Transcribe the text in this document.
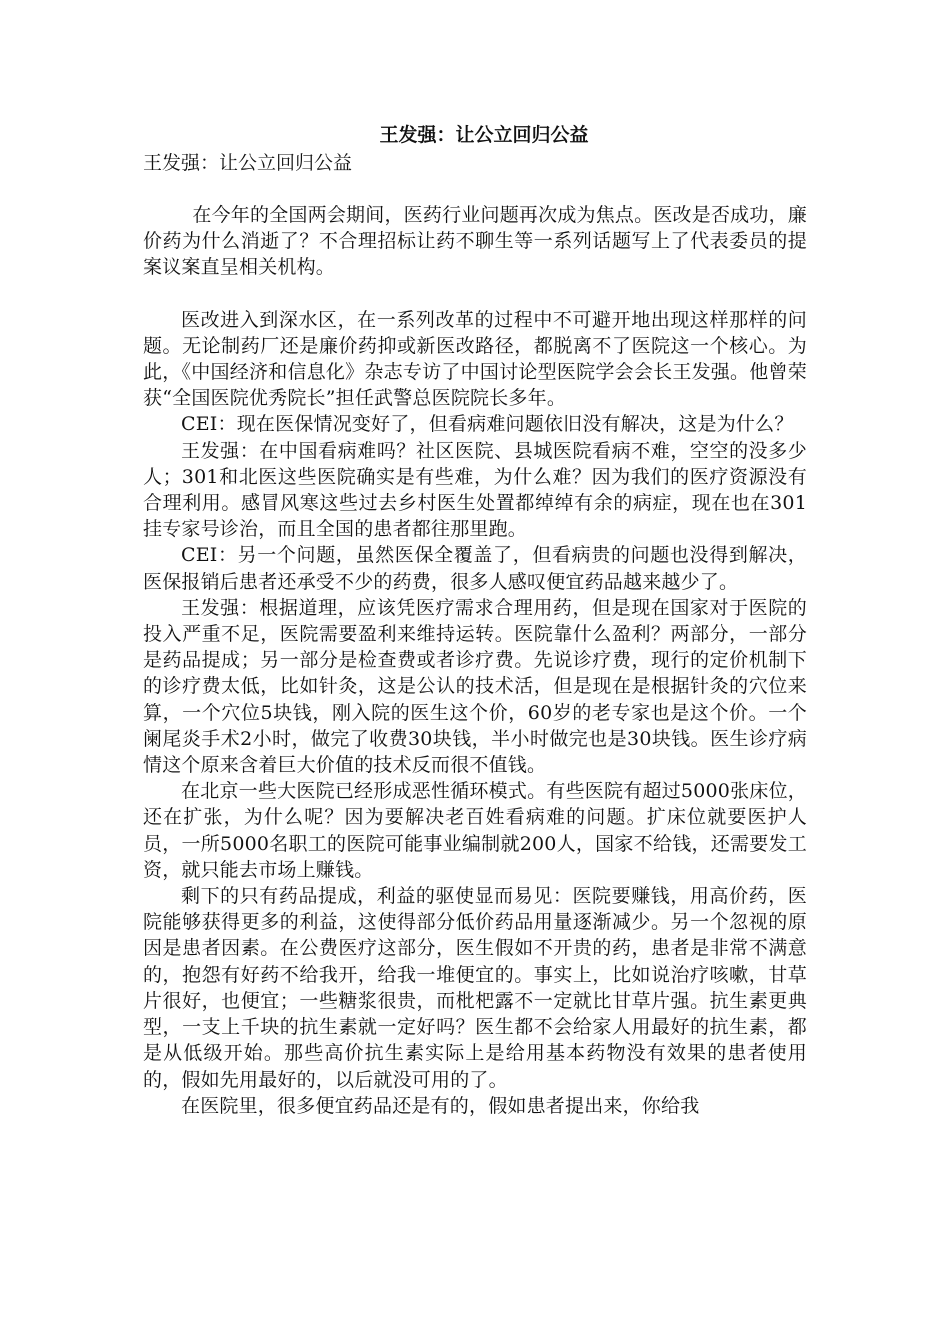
王发强：让公立回归公益

王发强：让公立回归公益

在今年的全国两会期间，医药行业问题再次成为焦点。医改是否成功，廉价药为什么消逝了？不合理招标让药不聊生等一系列话题写上了代表委员的提案议案直呈相关机构。

医改进入到深水区，在一系列改革的过程中不可避开地出现这样那样的问题。无论制药厂还是廉价药抑或新医改路径，都脱离不了医院这一个核心。为此，《中国经济和信息化》杂志专访了中国讨论型医院学会会长王发强。他曾荣获“全国医院优秀院长”担任武警总医院院长多年。

CEI：现在医保情况变好了，但看病难问题依旧没有解决，这是为什么？

王发强：在中国看病难吗？社区医院、县城医院看病不难，空空的没多少人；301和北医这些医院确实是有些难，为什么难？因为我们的医疗资源没有合理利用。感冒风寒这些过去乡村医生处置都绰绰有余的病症，现在也在301挂专家号诊治，而且全国的患者都往那里跑。

CEI：另一个问题，虽然医保全覆盖了，但看病贵的问题也没得到解决，医保报销后患者还承受不少的药费，很多人感叹便宜药品越来越少了。

王发强：根据道理，应该凭医疗需求合理用药，但是现在国家对于医院的投入严重不足，医院需要盈利来维持运转。医院靠什么盈利？两部分，一部分是药品提成；另一部分是检查费或者诊疗费。先说诊疗费，现行的定价机制下的诊疗费太低，比如针灸，这是公认的技术活，但是现在是根据针灸的穴位来算，一个穴位5块钱，刚入院的医生这个价，60岁的老专家也是这个价。一个阑尾炎手术2小时，做完了收费30块钱，半小时做完也是30块钱。医生诊疗病情这个原来含着巨大价值的技术反而很不值钱。

在北京一些大医院已经形成恶性循环模式。有些医院有超过5000张床位，还在扩张，为什么呢？因为要解决老百姓看病难的问题。扩床位就要医护人员，一所5000名职工的医院可能事业编制就200人，国家不给钱，还需要发工资，就只能去市场上赚钱。

剩下的只有药品提成，利益的驱使显而易见：医院要赚钱，用高价药，医院能够获得更多的利益，这使得部分低价药品用量逐渐减少。另一个忽视的原因是患者因素。在公费医疗这部分，医生假如不开贵的药，患者是非常不满意的，抱怨有好药不给我开，给我一堆便宜的。事实上，比如说治疗咳嗽，甘草片很好，也便宜；一些糖浆很贵，而枇杷露不一定就比甘草片强。抗生素更典型，一支上千块的抗生素就一定好吗？医生都不会给家人用最好的抗生素，都是从低级开始。那些高价抗生素实际上是给用基本药物没有效果的患者使用的，假如先用最好的，以后就没可用的了。

在医院里，很多便宜药品还是有的，假如患者提出来，你给我
